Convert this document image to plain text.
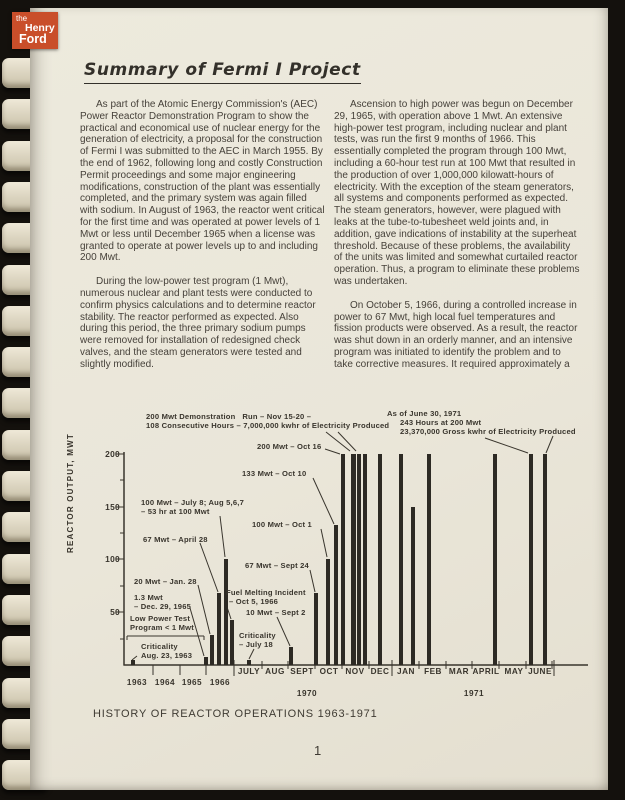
Summary of Fermi I Project

As part of the Atomic Energy Commission's (AEC) Power Reactor Demonstration Program to show the practical and economical use of nuclear energy for the generation of electricity, a proposal for the construction of Fermi I was submitted to the AEC in March 1955. By the end of 1962, following long and costly Construction Permit proceedings and some major engineering modifications, construction of the plant was essentially completed, and the primary system was again filled with sodium. In August of 1963, the reactor went critical for the first time and was operated at power levels of 1 Mwt or less until December 1965 when a license was granted to operate at power levels up to and including 200 Mwt.

During the low-power test program (1 Mwt), numerous nuclear and plant tests were conducted to confirm physics calculations and to determine reactor stability. The reactor performed as expected. Also during this period, the three primary sodium pumps were removed for installation of redesigned check valves, and the steam generators were tested and slightly modified.

Ascension to high power was begun on December 29, 1965, with operation above 1 Mwt. An extensive high-power test program, including nuclear and plant tests, was run the first 9 months of 1966. This essentially completed the program through 100 Mwt, including a 60-hour test run at 100 Mwt that resulted in the production of over 1,000,000 kilowatt-hours of electricity. With the exception of the steam generators, all systems and components performed as expected. The steam generators, however, were plagued with leaks at the tube-to-tubesheet weld joints and, in addition, gave indications of instability at the superheat threshold. Because of these problems, the availability of the units was limited and somewhat curtailed reactor operation. Thus, a program to eliminate these problems was undertaken.

On October 5, 1966, during a controlled increase in power to 67 Mwt, high local fuel temperatures and fission products were observed. As a result, the reactor was shut down in an orderly manner, and an intensive program was initiated to identify the problem and to take corrective measures. It required approximately a

REACTOR OUTPUT, MWT
200 Mwt Demonstration   Run – Nov 15-20 –
108 Consecutive Hours – 7,000,000 kwhr of Electricity Produced
As of June 30, 1971
243 Hours at 200 Mwt
23,370,000 Gross kwhr of Electricity Produced
200 Mwt – Oct 16
133 Mwt – Oct 10
100 Mwt – July 8; Aug 5,6,7
– 53 hr at 100 Mwt
100 Mwt – Oct 1
67 Mwt – April 28
67 Mwt – Sept 24
20 Mwt – Jan. 28
Fuel Melting Incident
– Oct 5, 1966
1.3 Mwt
– Dec. 29, 1965
10 Mwt – Sept 2
Low Power Test
Program < 1 Mwt
Criticality
– July 18
Criticality
Aug. 23, 1963
JULY AUG SEPT OCT NOV DEC JAN FEB MAR APRIL MAY JUNE
1963 1964 1965 1966
1970	1971
200
150
100
50
HISTORY OF REACTOR OPERATIONS 1963-1971
1
the
Henry
Ford
